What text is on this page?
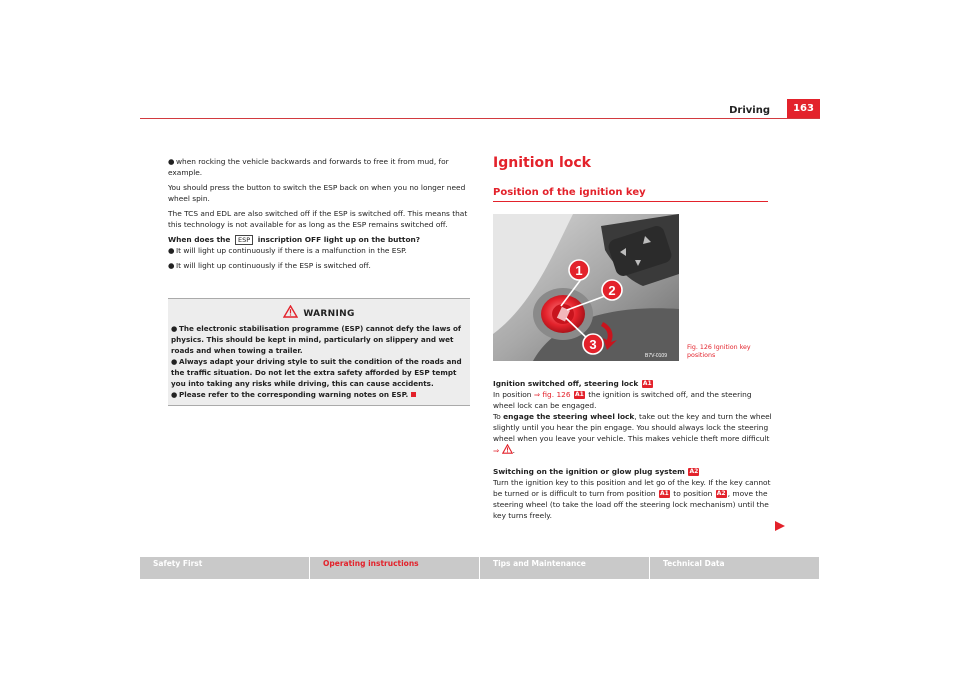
Driving	163

● when rocking the vehicle backwards and forwards to free it from mud, for example.

You should press the button to switch the ESP back on when you no longer need wheel spin.

The TCS and EDL are also switched off if the ESP is switched off. This means that this technology is not available for as long as the ESP remains switched off.

When does the ESP inscription OFF light up on the button?

● It will light up continuously if there is a malfunction in the ESP.

● It will light up continuously if the ESP is switched off.

WARNING

● The electronic stabilisation programme (ESP) cannot defy the laws of physics. This should be kept in mind, particularly on slippery and wet roads and when towing a trailer.

● Always adapt your driving style to suit the condition of the roads and the traffic situation. Do not let the extra safety afforded by ESP tempt you into taking any risks while driving, this can cause accidents.

● Please refer to the corresponding warning notes on ESP.

Ignition lock
Position of the ignition key
1
2
3
B7V-0109
Fig. 126 Ignition key positions

Ignition switched off, steering lock A1

In position ⇒ fig. 126 A1 the ignition is switched off, and the steering wheel lock can be engaged.

To engage the steering wheel lock, take out the key and turn the wheel slightly until you hear the pin engage. You should always lock the steering wheel when you leave your vehicle. This makes vehicle theft more difficult
⇒ .

Switching on the ignition or glow plug system A2

Turn the ignition key to this position and let go of the key. If the key cannot be turned or is difficult to turn from position A1 to position A2 , move the steering wheel (to take the load off the steering lock mechanism) until the key turns freely.

Safety First	Operating instructions	Tips and Maintenance	Technical Data
